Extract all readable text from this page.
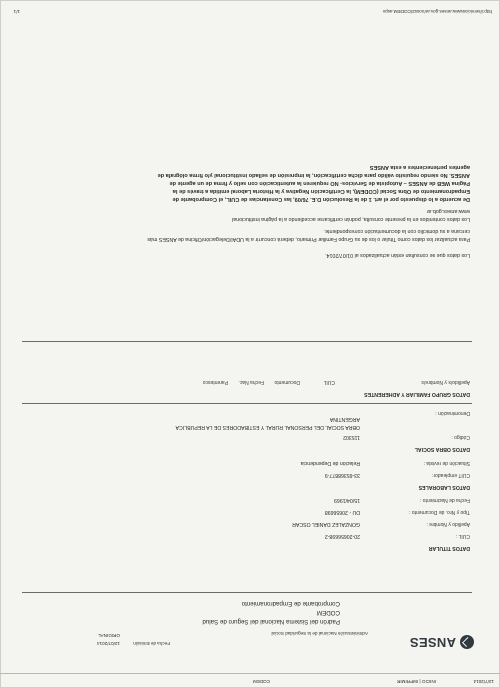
12/7/2014
INICIO | IMPRIMIR
CODEM
ANSES
Administración Nacional de la Seguridad Social
Fecha de Emisión
12/07/2014
ORIGINAL
Padrón del Sistema Nacional del Seguro de Salud
CODEM
Comprobante de Empadronamiento
DATOS TITULAR
CUIL :
20-20656698-2
Apellido y Nombre :
GONZALEZ DANIEL OSCAR
Tipo y Nro. de Documento :
DU - 20656698
Fecha de Nacimiento :
15/04/1969
DATOS LABORALES
CUIT empleador:
33-65368877-9
Situación de revista :
Relación de Dependencia
DATOS OBRA SOCIAL
Código :
115302
Denominación :
OBRA SOCIAL DEL PERSONAL RURAL Y ESTIBADORES DE LA REPUBLICA
ARGENTINA
DATOS GRUPO FAMILIAR Y ADHERENTES
Apellido/s y Nombre/s
CUIL
Documento
Fecha Nac.
Parentesco
Los datos que se consultan están actualizados al 01/07/2014.
Para actualizar los datos como Titular o los de su Grupo Familiar Primario, deberá concurrir a la UDAI/Delegación/Oficina de ANSES más
cercana a su domicilio con la documentación correspondiente.
Los datos contenidos en la presente consulta, podrán certificarse accediendo a la página institucional
www.anses.gob.ar
De acuerdo a lo dispuesto por el art. 1 de la Resolución D.E. 76/09, las Constancias de CUIL, el Comprobante de
Empadronamiento de Obra Social (CODEM), la Certificación Negativa y la Historia Laboral emitida a través de la
Página WEB de ANSES – Autopista de Servicios- NO requieren la autenticación con sello y firma de un agente de
ANSES. No siendo requisito válido para dicha certificación, la impresión de sellado institucional y/o firma ológrafa de
agentes pertenecientes a esta ANSES
http://servicioswww.anses.gov.ar/ooss2/CODEM.aspx
1/1
